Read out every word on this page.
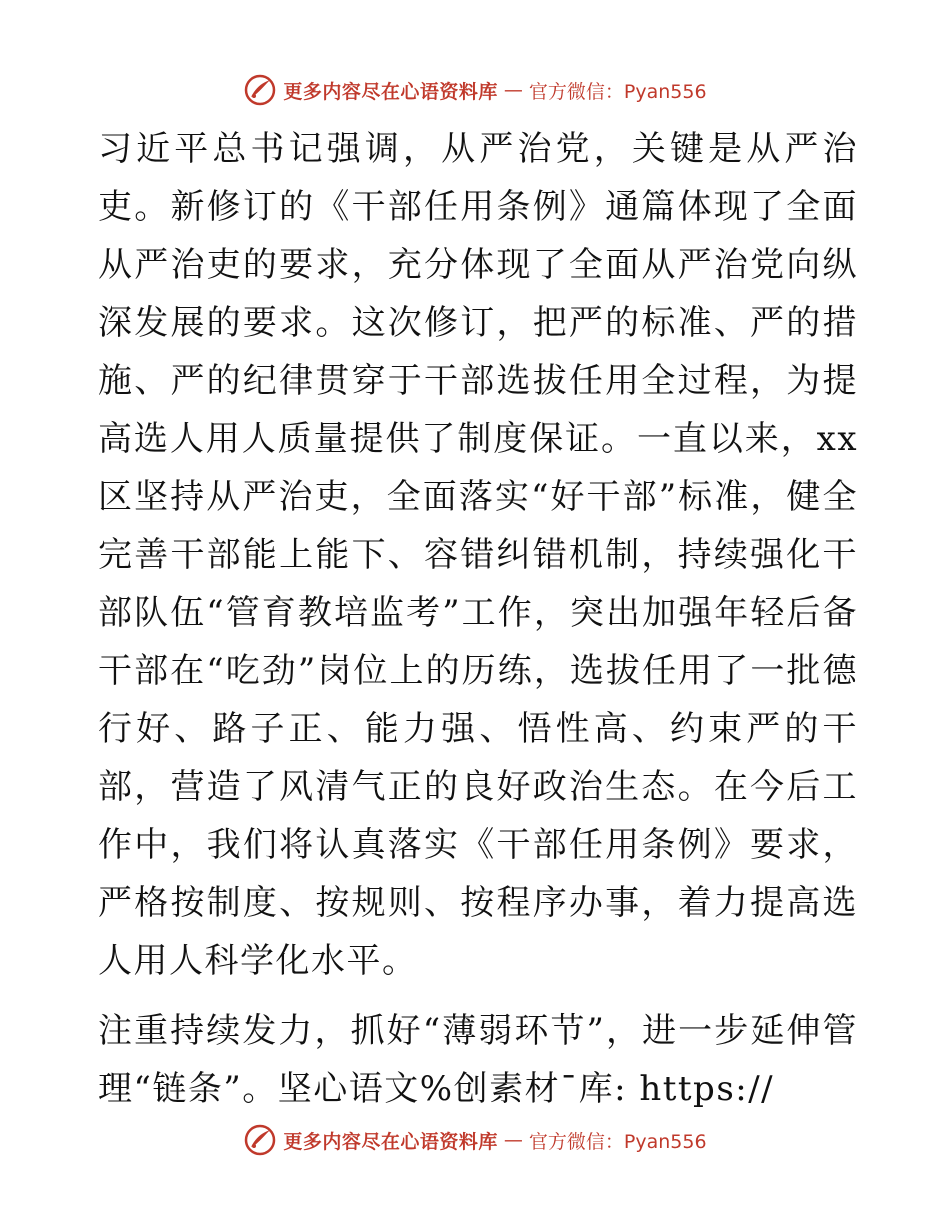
更多内容尽在心语资料库 — 官方微信：Pyan556

习近平总书记强调，从严治党，关键是从严治吏。新修订的《干部任用条例》通篇体现了全面从严治吏的要求，充分体现了全面从严治党向纵深发展的要求。这次修订，把严的标准、严的措施、严的纪律贯穿于干部选拔任用全过程，为提高选人用人质量提供了制度保证。一直以来，xx区坚持从严治吏，全面落实“好干部”标准，健全完善干部能上能下、容错纠错机制，持续强化干部队伍“管育教培监考”工作，突出加强年轻后备干部在“吃劲”岗位上的历练，选拔任用了一批德行好、路子正、能力强、悟性高、约束严的干部，营造了风清气正的良好政治生态。在今后工作中，我们将认真落实《干部任用条例》要求，严格按制度、按规则、按程序办事，着力提高选人用人科学化水平。

注重持续发力，抓好“薄弱环节”，进一步延伸管理“链条”。坚心语文%创素材¯库: https://

更多内容尽在心语资料库 — 官方微信：Pyan556
